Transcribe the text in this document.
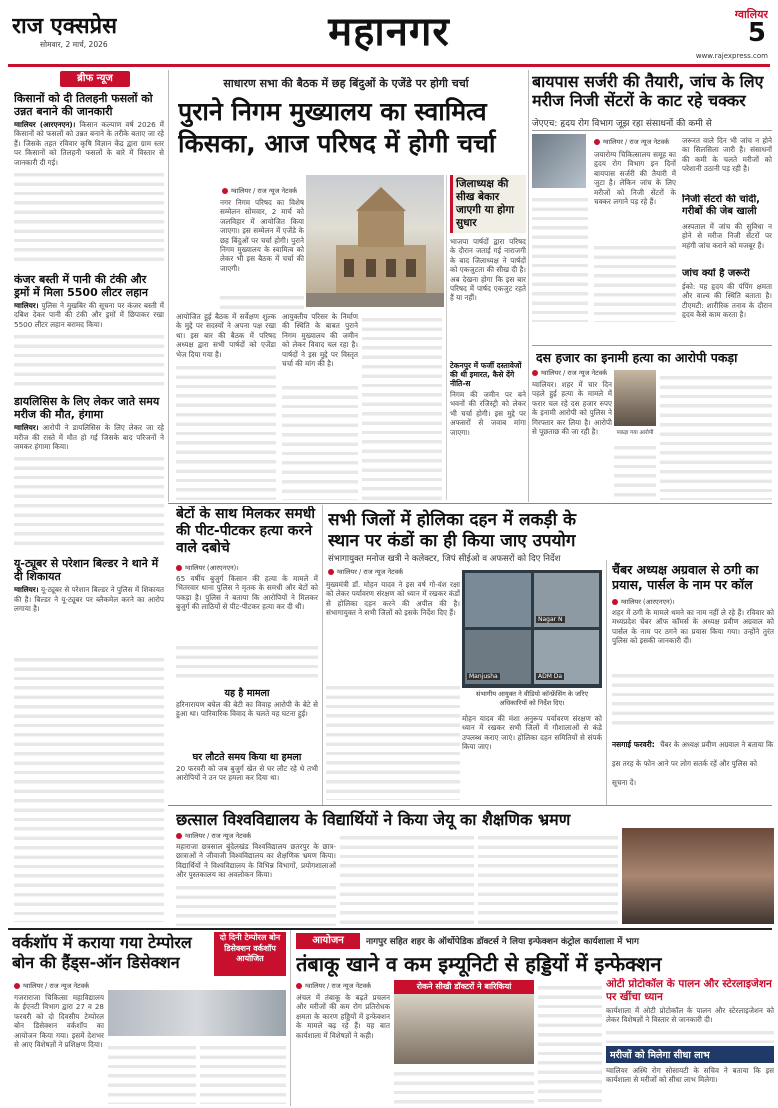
राज एक्सप्रेस
सोमवार, 2 मार्च, 2026	महानगर	ग्वालियर
5
www.rajexpress.com
ब्रीफ न्यूज
किसानों को दी तिलहनी फसलों को उन्नत बनाने की जानकारी
ग्वालियर (आरएनएन)। किसान कल्याण वर्ष 2026 में किसानों को फसलों को उन्नत बनाने के तरीके बताए जा रहे हैं। जिसके तहत रविवार कृषि विज्ञान केंद्र द्वारा ग्राम स्तर पर किसानों को तिलहनी फसलों के बारे में विस्तार से जानकारी दी गई।
कंजर बस्ती में पानी की टंकी और ड्रमों में मिला 5500 लीटर लहान
ग्वालियर। पुलिस ने मुखबिर की सूचना पर कंजर बस्ती में दबिश देकर पानी की टंकी और ड्रमों में छिपाकर रखा 5500 लीटर लहान बरामद किया।
डायलिसिस के लिए लेकर जाते समय मरीज की मौत, हंगामा
ग्वालियर। आरोपी ने डायलिसिस के लिए लेकर जा रहे मरीज की रास्ते में मौत हो गई जिसके बाद परिजनों ने जमकर हंगामा किया।
यू-ट्यूबर से परेशान बिल्डर ने थाने में दी शिकायत
ग्वालियर। यू-ट्यूबर से परेशान बिल्डर ने पुलिस में शिकायत की है। बिल्डर ने यू-ट्यूबर पर ब्लैकमेल करने का आरोप लगाया है।
साधारण सभा की बैठक में छह बिंदुओं के एजेंडे पर होगी चर्चा
पुराने निगम मुख्यालय का स्वामित्व
किसका, आज परिषद में होगी चर्चा
ग्वालियर / राज न्यूज नेटवर्क
नगर निगम परिषद का विशेष सम्मेलन सोमवार, 2 मार्च को जलविहार में आयोजित किया जाएगा। इस सम्मेलन में एजेंडे के छह बिंदुओं पर चर्चा होगी। पुराने निगम मुख्यालय के स्वामित्व को लेकर भी इस बैठक में चर्चा की जाएगी।
आयोजित हुई बैठक में सर्वेक्षण शुल्क के मुद्दे पर सदस्यों ने अपना पक्ष रखा था। इस बार की बैठक में परिषद अध्यक्ष द्वारा सभी पार्षदों को एजेंडा भेज दिया गया है।
आयुक्तीय परिसर के निर्माण की स्थिति के बाबत पुराने निगम मुख्यालय की जमीन को लेकर विवाद चल रहा है। पार्षदों ने इस मुद्दे पर विस्तृत चर्चा की मांग की है।
जिलाध्यक्ष की सीख बेकार जाएगी या होगा सुधार
भाजपा पार्षदों द्वारा परिषद के दौरान जताई गई नाराजगी के बाद जिलाध्यक्ष ने पार्षदों को एकजुटता की सीख दी है। अब देखना होगा कि इस बार परिषद में पार्षद एकजुट रहते हैं या नहीं।
टेकनपुर में फर्जी दस्तावेजों की थी इमारत, कैसे देंगे नीति-स
निगम की जमीन पर बने भवनों की रजिस्ट्री को लेकर भी चर्चा होगी। इस मुद्दे पर अफसरों से जवाब मांगा जाएगा।
बायपास सर्जरी की तैयारी, जांच के लिए मरीज निजी सेंटरों के काट रहे चक्कर
जेएएच: हृदय रोग विभाग जूझ रहा संसाधनों की कमी से
ग्वालियर / राज न्यूज नेटवर्क
जयारोग्य चिकित्सालय समूह का हृदय रोग विभाग इन दिनों बायपास सर्जरी की तैयारी में जुटा है। लेकिन जांच के लिए मरीजों को निजी सेंटरों के चक्कर लगाने पड़ रहे हैं।
जरूरत वाले दिन भी जांच न होने का सिलसिला जारी है। संसाधनों की कमी के चलते मरीजों को परेशानी उठानी पड़ रही है।
निजी सेंटरों की चांदी, गरीबों की जेब खाली
अस्पताल में जांच की सुविधा न होने से मरीज निजी सेंटरों पर महंगी जांच कराने को मजबूर हैं।
जांच क्यों है जरूरी
ईको: यह हृदय की पंपिंग क्षमता और वाल्व की स्थिति बताता है। टीएमटी: शारीरिक तनाव के दौरान हृदय कैसे काम करता है।
दस हजार का इनामी हत्या का आरोपी पकड़ा
ग्वालियर / राज न्यूज नेटवर्क
ग्वालियर। शहर में चार दिन पहले हुई हत्या के मामले में फरार चल रहे दस हजार रुपए के इनामी आरोपी को पुलिस ने गिरफ्तार कर लिया है। आरोपी से पूछताछ की जा रही है।	पकड़ा गया आरोपी
बेटों के साथ मिलकर समधी की पीट-पीटकर हत्या करने वाले दबोचे
ग्वालियर (आरएनएन)।
65 वर्षीय बुजुर्ग किसान की हत्या के मामले में भितरवार थाना पुलिस ने मृतक के समधी और बेटों को पकड़ा है। पुलिस ने बताया कि आरोपियों ने मिलकर बुजुर्ग की लाठियों से पीट-पीटकर हत्या कर दी थी।
यह है मामला
हरिनारायण बघेल की बेटी का विवाह आरोपी के बेटे से हुआ था। पारिवारिक विवाद के चलते यह घटना हुई।
घर लौटते समय किया था हमला
20 फरवरी को जब बुजुर्ग खेत से घर लौट रहे थे तभी आरोपियों ने उन पर हमला कर दिया था।
सभी जिलों में होलिका दहन में लकड़ी के
स्थान पर कंडों का ही किया जाए उपयोग
संभागायुक्त मनोज खत्री ने कलेक्टर, जिपं सीईओ व अफसरों को दिए निर्देश
ग्वालियर / राज न्यूज नेटवर्क
मुख्यमंत्री डॉ. मोहन यादव ने इस वर्ष गो-वंश रक्षा को लेकर पर्यावरण संरक्षण को ध्यान में रखकर कंडों से होलिका दहन करने की अपील की है। संभागायुक्त ने सभी जिलों को इसके निर्देश दिए हैं।
Nagar N
Manjusha	ADM Da
संभागीय आयुक्त ने वीडियो कॉन्फ्रेंसिंग के जरिए अधिकारियों को निर्देश दिए।
मोहन यादव की मंशा अनुरूप पर्यावरण संरक्षण को ध्यान में रखकर सभी जिलों में गौशालाओं से कंडे उपलब्ध कराए जाएं। होलिका दहन समितियों से संपर्क किया जाए।
चैंबर अध्यक्ष अग्रवाल से ठगी का प्रयास, पार्सल के नाम पर कॉल
ग्वालियर (आरएनएन)।
शहर में ठगी के मामले थमने का नाम नहीं ले रहे हैं। रविवार को मध्यप्रदेश चेंबर ऑफ कॉमर्स के अध्यक्ष प्रवीण अग्रवाल को पार्सल के नाम पर ठगने का प्रयास किया गया। उन्होंने तुरंत पुलिस को इसकी जानकारी दी।
नसगाई फरवरी: चैंबर के अध्यक्ष प्रवीण अग्रवाल ने बताया कि इस तरह के फोन आने पर लोग सतर्क रहें और पुलिस को सूचना दें।
छत्साल विश्वविद्यालय के विद्यार्थियों ने किया जेयू का शैक्षणिक भ्रमण
ग्वालियर / राज न्यूज नेटवर्क
महाराजा छत्रसाल बुंदेलखंड विश्वविद्यालय छतरपुर के छात्र-छात्राओं ने जीवाजी विश्वविद्यालय का शैक्षणिक भ्रमण किया। विद्यार्थियों ने विश्वविद्यालय के विभिन्न विभागों, प्रयोगशालाओं और पुस्तकालय का अवलोकन किया।
वर्कशॉप में कराया गया टेम्पोरल बोन की हैंड्स-ऑन डिसेक्शन
दो दिनी टेम्पोरल बोन डिसेक्शन वर्कशॉप आयोजित
ग्वालियर / राज न्यूज नेटवर्क
गजराराजा चिकित्सा महाविद्यालय के ईएनटी विभाग द्वारा 27 व 28 फरवरी को दो दिवसीय टेम्पोरल बोन डिसेक्शन वर्कशॉप का आयोजन किया गया। इसमें देशभर से आए विशेषज्ञों ने प्रशिक्षण दिया।
आयोजन	नागपुर सहित शहर के ऑर्थोपेडिक डॉक्टर्स ने लिया इन्फेक्शन कंट्रोल कार्यशाला में भाग
तंबाकू खाने व कम इम्यूनिटी से हड्डियों में इन्फेक्शन
ग्वालियर / राज न्यूज नेटवर्क
अंचल में तंबाकू के बढ़ते प्रचलन और मरीजों की कम रोग प्रतिरोधक क्षमता के कारण हड्डियों में इन्फेक्शन के मामले बढ़ रहे हैं। यह बात कार्यशाला में विशेषज्ञों ने कही।
रोकने सीखी डॉक्टरों ने बारिकियां	ओटी प्रोटोकॉल के पालन और स्टेरलाइजेशन पर खींचा ध्यान
कार्यशाला में ओटी प्रोटोकॉल के पालन और स्टेरलाइजेशन को लेकर विशेषज्ञों ने विस्तार से जानकारी दी।
मरीजों को मिलेगा सीधा लाभ
ग्वालियर अस्थि रोग सोसायटी के सचिव ने बताया कि इस कार्यशाला से मरीजों को सीधा लाभ मिलेगा।
